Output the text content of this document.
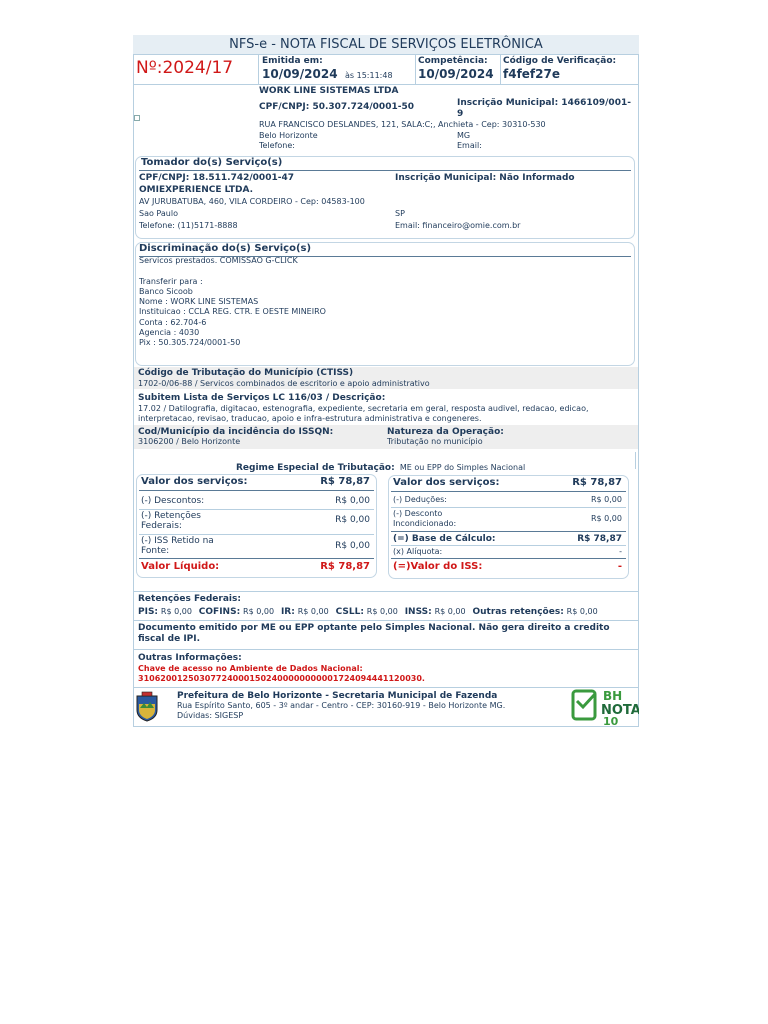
NFS-e - NOTA FISCAL DE SERVIÇOS ELETRÔNICA
Nº:2024/17	Emitida em:
10/09/2024 às 15:11:48
Competência:
10/09/2024
Código de Verificação:
f4fef27e
WORK LINE SISTEMAS LTDA
CPF/CNPJ: 50.307.724/0001-50	Inscrição Municipal: 1466109/001-9
RUA FRANCISCO DESLANDES, 121, SALA:C;, Anchieta - Cep: 30310-530
Belo Horizonte	MG
Telefone:	Email:
Tomador do(s) Serviço(s)
CPF/CNPJ: 18.511.742/0001-47	Inscrição Municipal: Não Informado
OMIEXPERIENCE LTDA.
AV JURUBATUBA, 460, VILA CORDEIRO - Cep: 04583-100
Sao Paulo	SP
Telefone: (11)5171-8888	Email: financeiro@omie.com.br
Discriminação do(s) Serviço(s)
Servicos prestados. COMISSAO G-CLICK

Transferir para :
Banco Sicoob
Nome : WORK LINE SISTEMAS
Instituicao : CCLA REG. CTR. E OESTE MINEIRO
Conta : 62.704-6
Agencia : 4030
Pix : 50.305.724/0001-50
Código de Tributação do Município (CTISS)
1702-0/06-88 / Servicos combinados de escritorio e apoio administrativo
Subitem Lista de Serviços LC 116/03 / Descrição:
17.02 / Datilografia, digitacao, estenografia, expediente, secretaria em geral, resposta audivel, redacao, edicao, interpretacao, revisao, traducao, apoio e infra-estrutura administrativa e congeneres.
Cod/Município da incidência do ISSQN:
3106200 / Belo Horizonte
Natureza da Operação:
Tributação no município
Regime Especial de Tributação: ME ou EPP do Simples Nacional
Valor dos serviços:	R$ 78,87
(-) Descontos:	R$ 0,00
(-) Retenções Federais:
R$ 0,00
(-) ISS Retido na Fonte:	R$ 0,00
Valor Líquido:	R$ 78,87
Valor dos serviços:	R$ 78,87
(-) Deduções:	R$ 0,00
(-) Desconto Incondicionado:
R$ 0,00
(=) Base de Cálculo:	R$ 78,87
(x) Alíquota:	-
(=)Valor do ISS:	-
Retenções Federais:
PIS: R$ 0,00 COFINS: R$ 0,00 IR: R$ 0,00 CSLL: R$ 0,00 INSS: R$ 0,00 Outras retenções: R$ 0,00
Documento emitido por ME ou EPP optante pelo Simples Nacional. Não gera direito a credito fiscal de IPI.
Outras Informações:
Chave de acesso no Ambiente de Dados Nacional:
310620012503077240001502400000000001724094441120030.
Prefeitura de Belo Horizonte - Secretaria Municipal de Fazenda
Rua Espírito Santo, 605 - 3º andar - Centro - CEP: 30160-919 - Belo Horizonte MG.
Dúvidas: SIGESP
BH
NOTA
10
